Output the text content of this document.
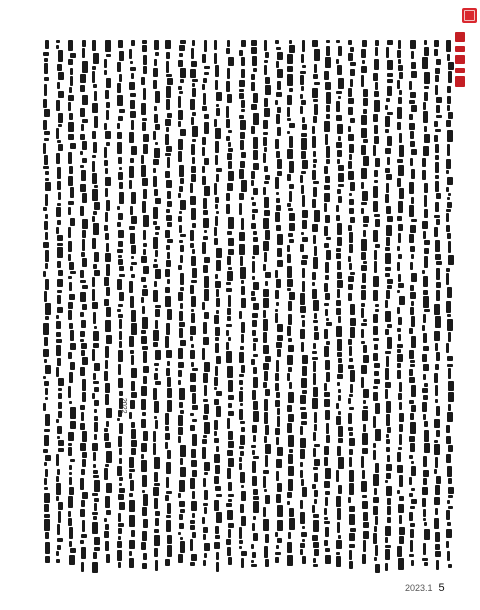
2023.1 5
2022
